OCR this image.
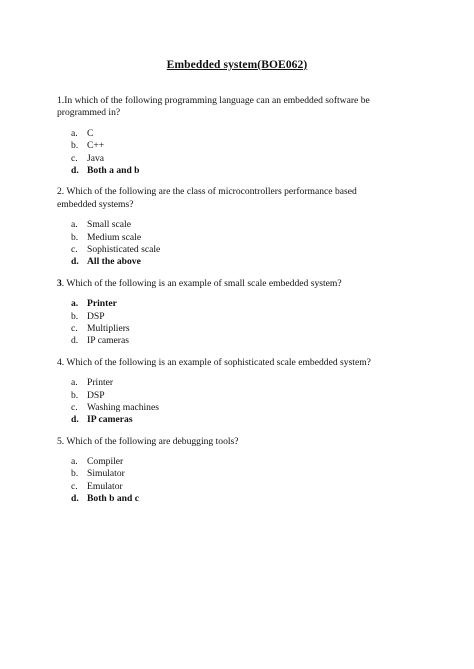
Embedded system(BOE062)

1.In which of the following programming language can an embedded software be programmed in?

a. C
b. C++
c. Java
d. Both a and b

2. Which of the following are the class of microcontrollers performance based embedded systems?

a. Small scale
b. Medium scale
c. Sophisticated scale
d. All the above

3. Which of the following is an example of small scale embedded system?

a. Printer
b. DSP
c. Multipliers
d. IP cameras

4. Which of the following is an example of sophisticated scale embedded system?

a. Printer
b. DSP
c. Washing machines
d. IP cameras

5. Which of the following are debugging tools?

a. Compiler
b. Simulator
c. Emulator
d. Both b and c
